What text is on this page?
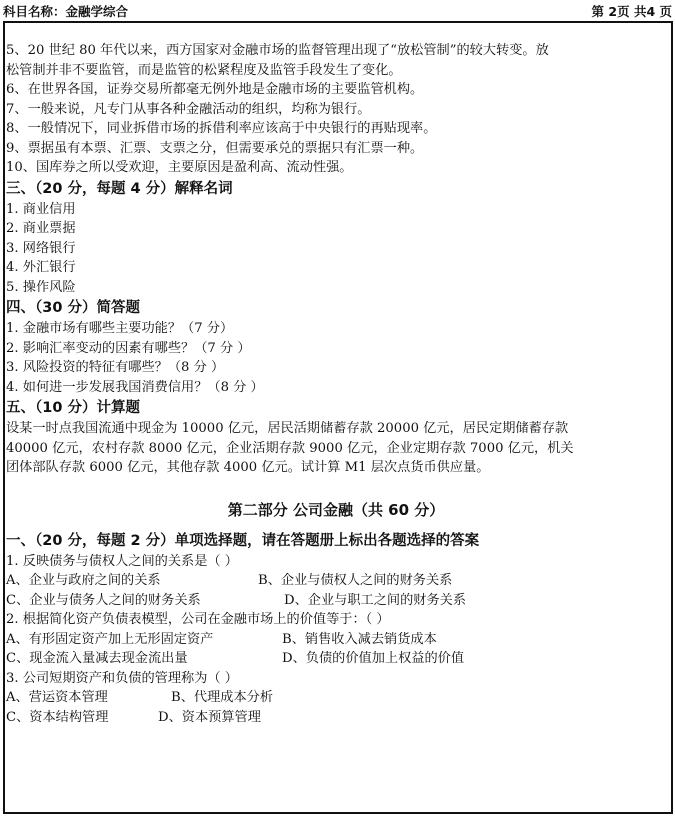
科目名称：金融学综合	第 2页 共4 页
5、20 世纪 80 年代以来，西方国家对金融市场的监督管理出现了“放松管制”的较大转变。放
松管制并非不要监管，而是监管的松紧程度及监管手段发生了变化。
6、在世界各国，证券交易所都毫无例外地是金融市场的主要监管机构。
7、一般来说，凡专门从事各种金融活动的组织，均称为银行。
8、一般情况下，同业拆借市场的拆借利率应该高于中央银行的再贴现率。
9、票据虽有本票、汇票、支票之分，但需要承兑的票据只有汇票一种。
10、国库券之所以受欢迎，主要原因是盈利高、流动性强。
三、（20 分，每题 4 分）解释名词
1. 商业信用
2. 商业票据
3. 网络银行
4. 外汇银行
5. 操作风险
四、（30 分）简答题
1. 金融市场有哪些主要功能？（7 分）
2. 影响汇率变动的因素有哪些？（7 分 ）
3. 风险投资的特征有哪些？（8 分 ）
4. 如何进一步发展我国消费信用？（8 分 ）
五、（10 分）计算题
设某一时点我国流通中现金为 10000 亿元，居民活期储蓄存款 20000 亿元，居民定期储蓄存款
40000 亿元，农村存款 8000 亿元，企业活期存款 9000 亿元，企业定期存款 7000 亿元，机关
团体部队存款 6000 亿元，其他存款 4000 亿元。试计算 M1 层次点货币供应量。
第二部分 公司金融（共 60 分）
一、（20 分，每题 2 分）单项选择题，请在答题册上标出各题选择的答案
1. 反映债务与债权人之间的关系是（ ）
A、企业与政府之间的关系	B、企业与债权人之间的财务关系
C、企业与债务人之间的财务关系	D、企业与职工之间的财务关系
2. 根据简化资产负债表模型，公司在金融市场上的价值等于：（ ）
A、有形固定资产加上无形固定资产	B、销售收入减去销货成本
C、现金流入量减去现金流出量	D、负债的价值加上权益的价值
3. 公司短期资产和负债的管理称为（ ）
A、营运资本管理	B、代理成本分析
C、资本结构管理	D、资本预算管理
